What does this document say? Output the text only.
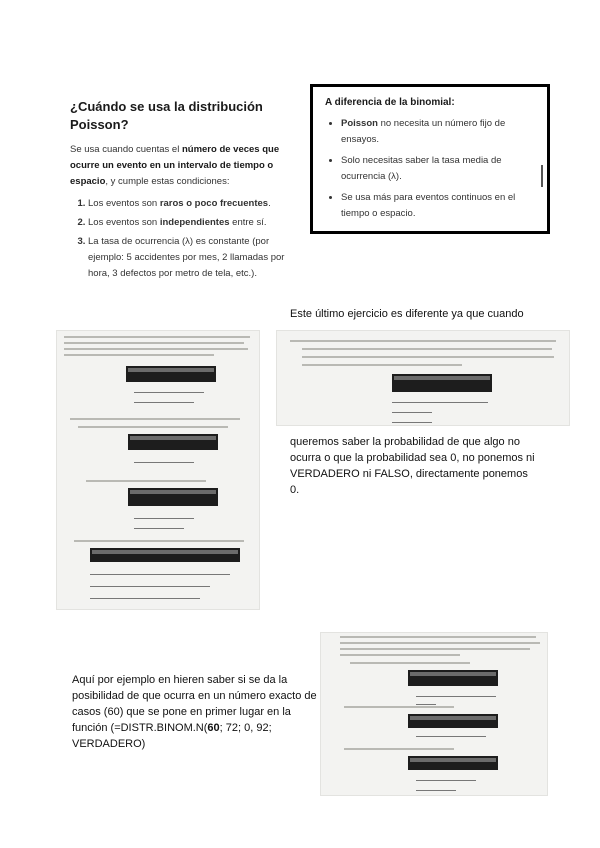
¿Cuándo se usa la distribución Poisson?

Se usa cuando cuentas el número de veces que ocurre un evento en un intervalo de tiempo o espacio, y cumple estas condiciones:

1. Los eventos son raros o poco frecuentes.
2. Los eventos son independientes entre sí.
3. La tasa de ocurrencia (λ) es constante (por ejemplo: 5 accidentes por mes, 2 llamadas por hora, 3 defectos por metro de tela, etc.).
A diferencia de la binomial:
• Poisson no necesita un número fijo de ensayos.
• Solo necesitas saber la tasa media de ocurrencia (λ).
• Se usa más para eventos continuos en el tiempo o espacio.
Este último ejercicio es diferente ya que cuando
queremos saber la probabilidad de que algo no ocurra o que la probabilidad sea 0, no ponemos ni VERDADERO ni FALSO, directamente ponemos 0.
Aquí por ejemplo en hieren saber si se da la posibilidad de que ocurra en un número exacto de casos (60) que se pone en primer lugar en la función (=DISTR.BINOM.N(60; 72; 0, 92; VERDADERO)
